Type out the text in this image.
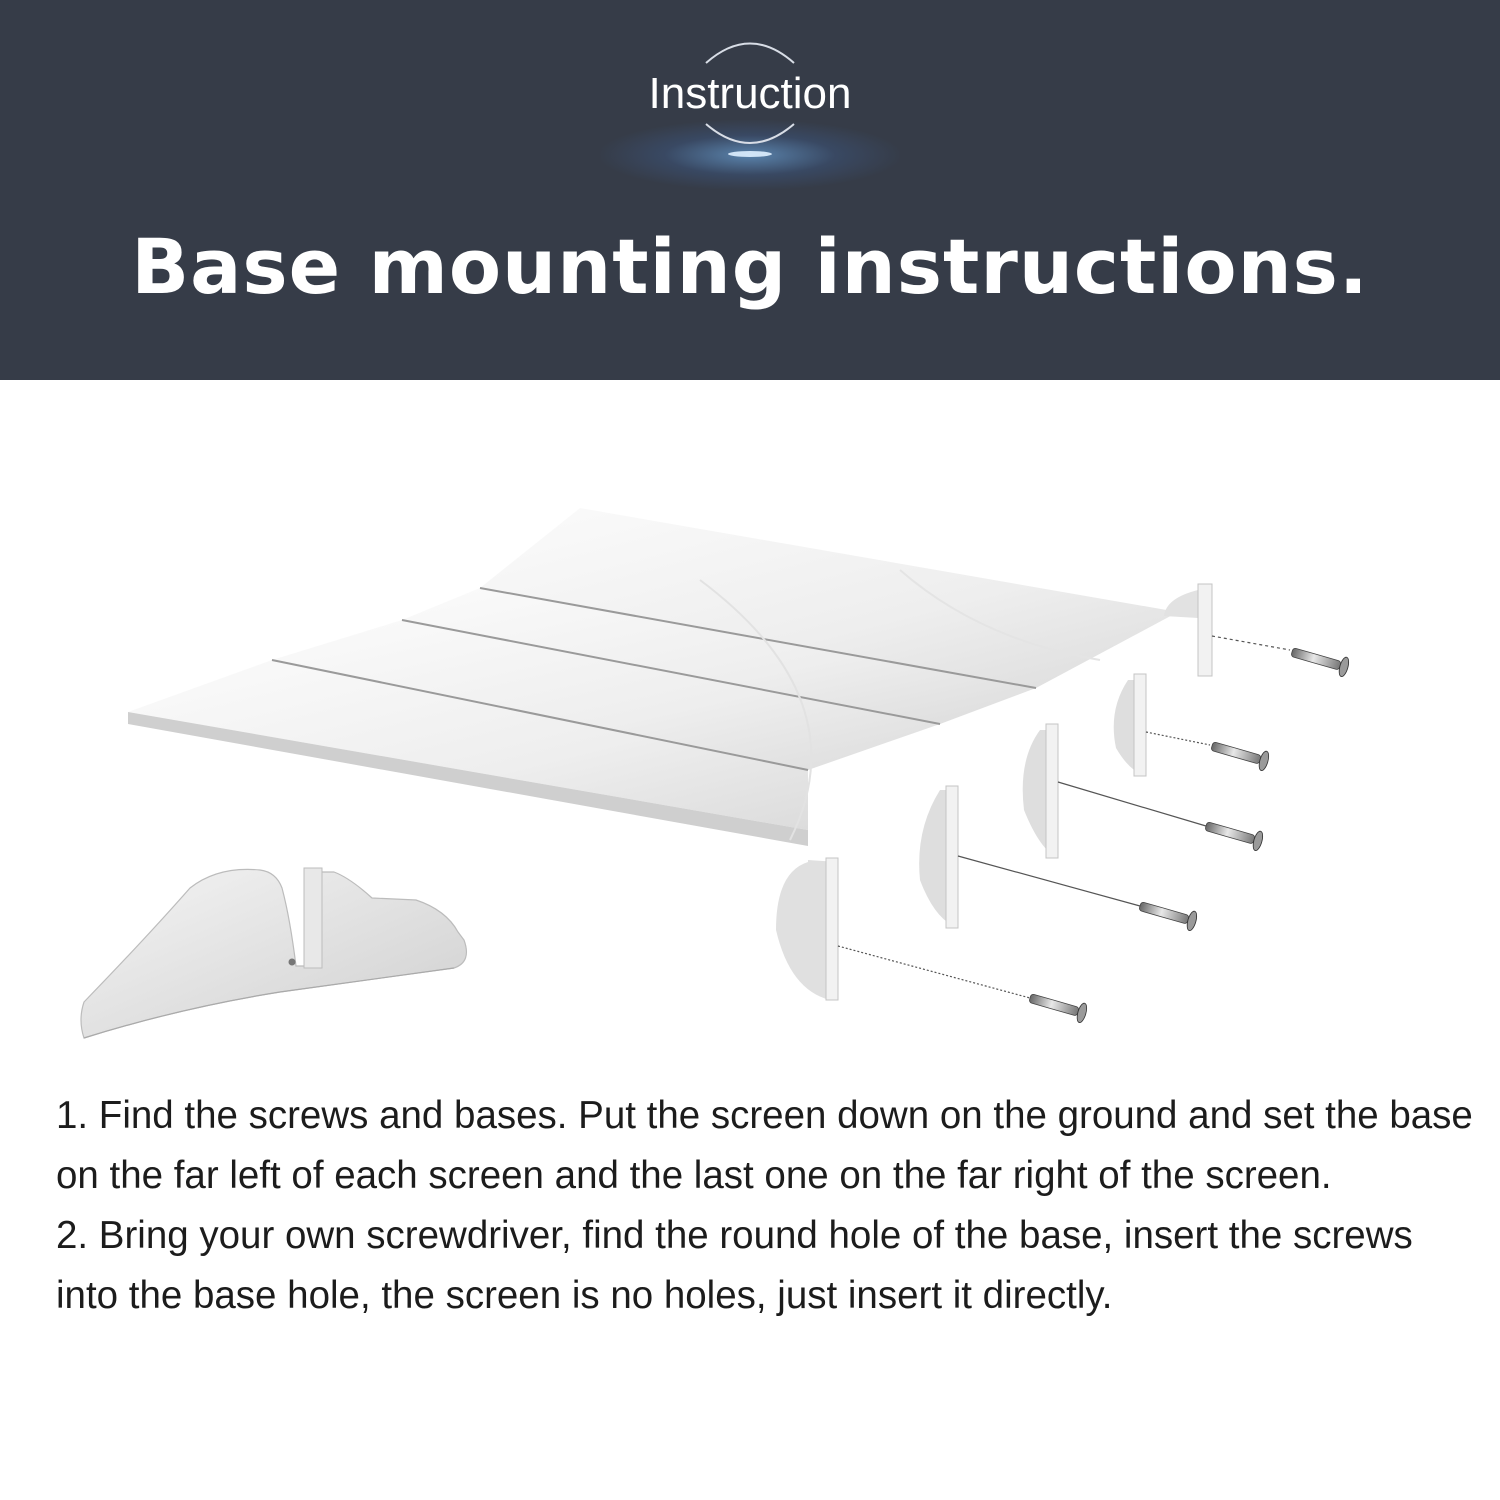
Instruction
Base mounting instructions.

1. Find the screws and bases. Put the screen down on the ground and set the base on the far left of each screen and the last one on the far right of the screen.

2. Bring your own screwdriver, find the round hole of the base, insert the screws into the base hole, the screen is no holes, just insert it directly.
